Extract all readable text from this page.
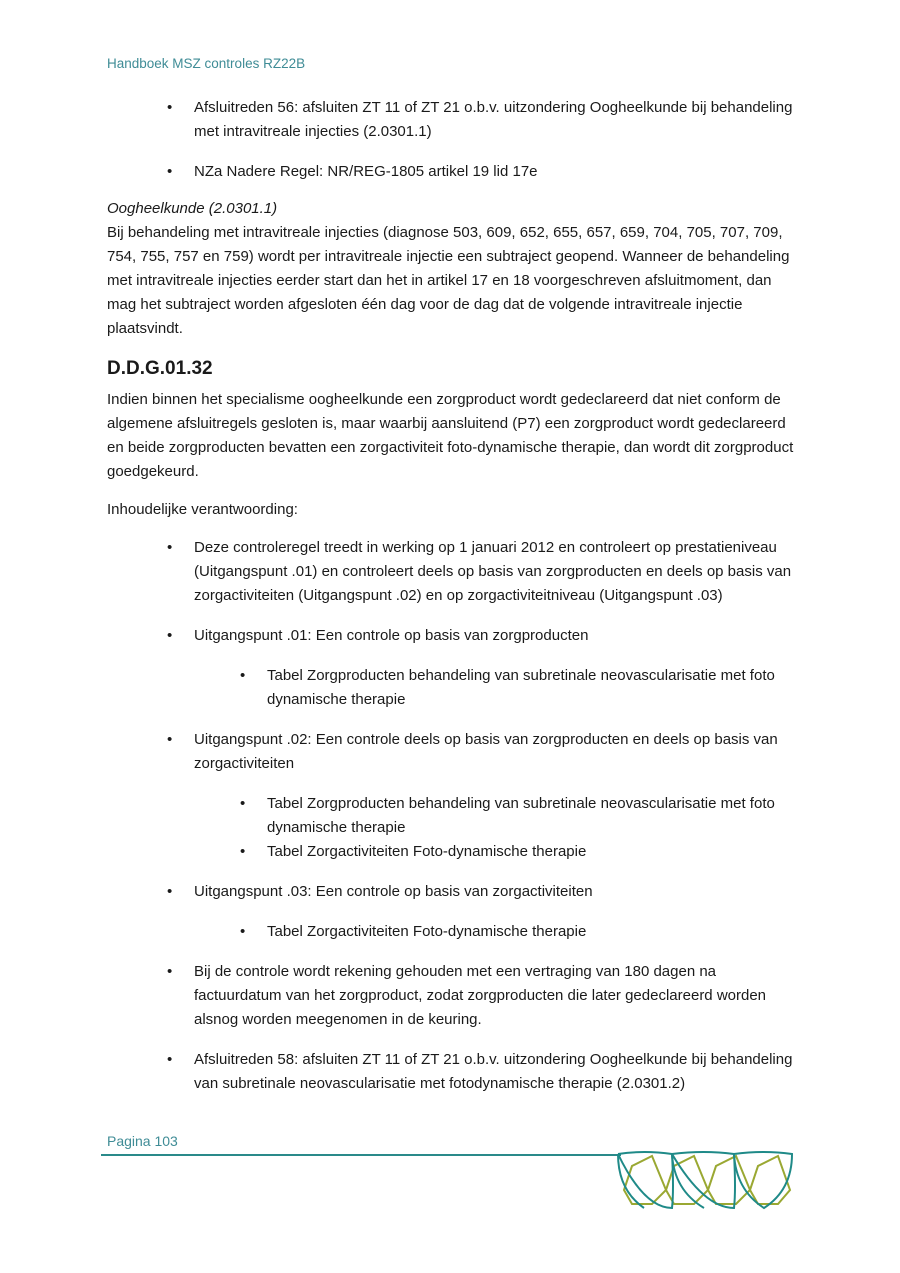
Handboek MSZ controles RZ22B
• Afsluitreden 56: afsluiten ZT 11 of ZT 21 o.b.v. uitzondering Oogheelkunde bij behandeling met intravitreale injecties (2.0301.1)
• NZa Nadere Regel: NR/REG-1805 artikel 19 lid 17e
Oogheelkunde (2.0301.1)
Bij behandeling met intravitreale injecties (diagnose 503, 609, 652, 655, 657, 659, 704, 705, 707, 709, 754, 755, 757 en 759) wordt per intravitreale injectie een subtraject geopend. Wanneer de behandeling met intravitreale injecties eerder start dan het in artikel 17 en 18 voorgeschreven afsluitmoment, dan mag het subtraject worden afgesloten één dag voor de dag dat de volgende intravitreale injectie plaatsvindt.
D.D.G.01.32
Indien binnen het specialisme oogheelkunde een zorgproduct wordt gedeclareerd dat niet conform de algemene afsluitregels gesloten is, maar waarbij aansluitend (P7) een zorgproduct wordt gedeclareerd en beide zorgproducten bevatten een zorgactiviteit foto-dynamische therapie, dan wordt dit zorgproduct goedgekeurd.
Inhoudelijke verantwoording:
• Deze controleregel treedt in werking op 1 januari 2012 en controleert op prestatieniveau (Uitgangspunt .01) en controleert deels op basis van zorgproducten en deels op basis van zorgactiviteiten (Uitgangspunt .02) en op zorgactiviteitniveau (Uitgangspunt .03)
• Uitgangspunt .01: Een controle op basis van zorgproducten
• Tabel Zorgproducten behandeling van subretinale neovascularisatie met foto dynamische therapie
• Uitgangspunt .02: Een controle deels op basis van zorgproducten en deels op basis van zorgactiviteiten
• Tabel Zorgproducten behandeling van subretinale neovascularisatie met foto dynamische therapie
• Tabel Zorgactiviteiten Foto-dynamische therapie
• Uitgangspunt .03: Een controle op basis van zorgactiviteiten
• Tabel Zorgactiviteiten Foto-dynamische therapie
• Bij de controle wordt rekening gehouden met een vertraging van 180 dagen na factuurdatum van het zorgproduct, zodat zorgproducten die later gedeclareerd worden alsnog worden meegenomen in de keuring.
• Afsluitreden 58: afsluiten ZT 11 of ZT 21 o.b.v. uitzondering Oogheelkunde bij behandeling van subretinale neovascularisatie met fotodynamische therapie (2.0301.2)
Pagina 103
